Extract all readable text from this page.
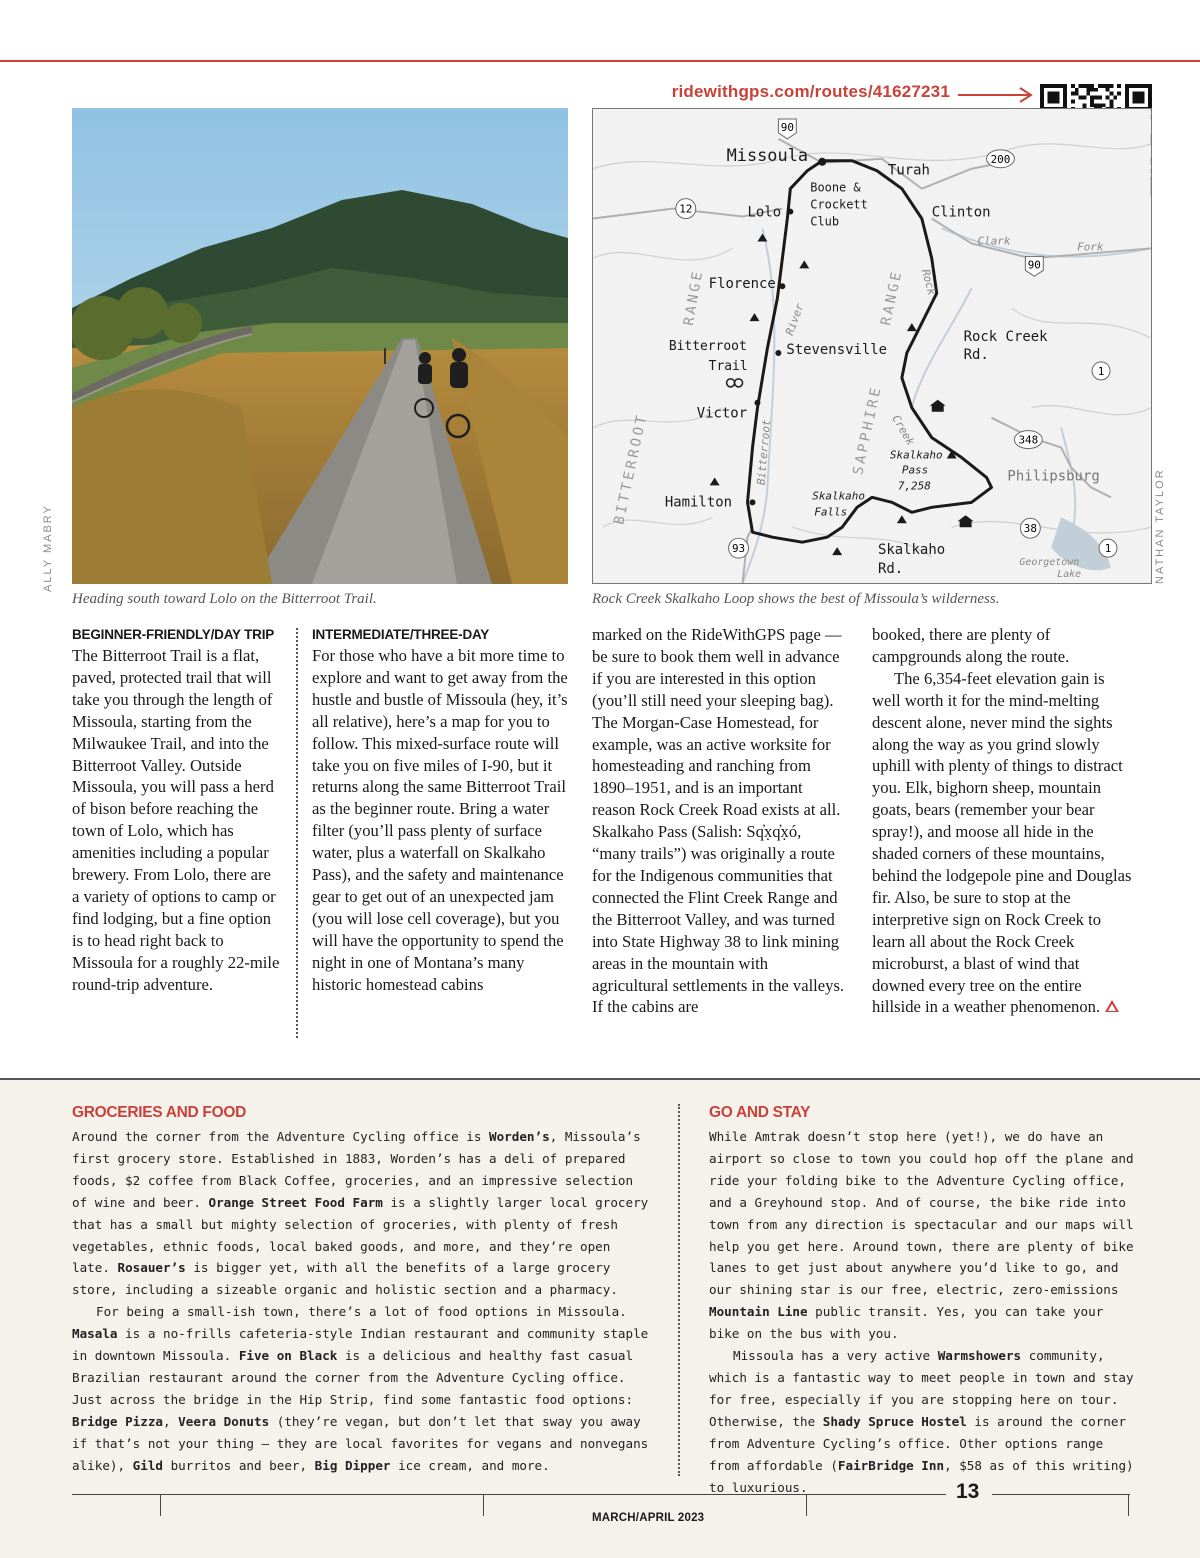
ridewithgps.com/routes/41627231
90
90
12
200
1
1
348
38
93
Missoula
Turah
Boone &
Crockett
Club
Lolo	Clinton
Florence
Bitterroot
Trail
Stevensville
Rock Creek
Rd.
Victor
Philipsburg
Hamilton
Skalkaho
Rd.
Skalkaho
Pass
7,258
Skalkaho
Falls
Clark	Fork
Georgetown
Lake
River
Bitterroot	Creek
Rock
RANGE
BITTERROOT	SAPPHIRE
RANGE
ALLY MABRY	NATHAN TAYLOR
Heading south toward Lolo on the Bitterroot Trail.	Rock Creek Skalkaho Loop shows the best of Missoula’s wilderness.
BEGINNER-FRIENDLY/DAY TRIP

The Bitterroot Trail is a flat, paved, protected trail that will take you through the length of Missoula, starting from the Milwaukee Trail, and into the Bitterroot Valley. Outside Missoula, you will pass a herd of bison before reaching the town of Lolo, which has amenities including a popular brewery. From Lolo, there are a variety of options to camp or find lodging, but a fine option is to head right back to Missoula for a roughly 22-mile round-trip adventure.

INTERMEDIATE/THREE-DAY

For those who have a bit more time to explore and want to get away from the hustle and bustle of Missoula (hey, it’s all relative), here’s a map for you to follow. This mixed-surface route will take you on five miles of I-90, but it returns along the same Bitterroot Trail as the beginner route. Bring a water filter (you’ll pass plenty of surface water, plus a waterfall on Skalkaho Pass), and the safety and maintenance gear to get out of an unexpected jam (you will lose cell coverage), but you will have the opportunity to spend the night in one of Montana’s many historic homestead cabins

marked on the RideWithGPS page — be sure to book them well in advance if you are interested in this option (you’ll still need your sleeping bag). The Morgan-Case Homestead, for example, was an active worksite for homesteading and ranching from 1890–1951, and is an important reason Rock Creek Road exists at all. Skalkaho Pass (Salish: Sq̓x̣q̓x̣ó, “many trails”) was originally a route for the Indigenous communities that connected the Flint Creek Range and the Bitterroot Valley, and was turned into State Highway 38 to link mining areas in the mountain with agricultural settlements in the valleys. If the cabins are

booked, there are plenty of campgrounds along the route.

The 6,354-feet elevation gain is well worth it for the mind-melting descent alone, never mind the sights along the way as you grind slowly uphill with plenty of things to distract you. Elk, bighorn sheep, mountain goats, bears (remember your bear spray!), and moose all hide in the shaded corners of these mountains, behind the lodgepole pine and Douglas fir. Also, be sure to stop at the interpretive sign on Rock Creek to learn all about the Rock Creek microburst, a blast of wind that downed every tree on the entire hillside in a weather phenomenon.

GROCERIES AND FOOD

Around the corner from the Adventure Cycling office is Worden’s, Missoula’s first grocery store. Established in 1883, Worden’s has a deli of prepared foods, $2 coffee from Black Coffee, groceries, and an impressive selection of wine and beer. Orange Street Food Farm is a slightly larger local grocery that has a small but mighty selection of groceries, with plenty of fresh vegetables, ethnic foods, local baked goods, and more, and they’re open late. Rosauer’s is bigger yet, with all the benefits of a large grocery store, including a sizeable organic and holistic section and a pharmacy.

For being a small-ish town, there’s a lot of food options in Missoula. Masala is a no-frills cafeteria-style Indian restaurant and community staple in downtown Missoula. Five on Black is a delicious and healthy fast casual Brazilian restaurant around the corner from the Adventure Cycling office. Just across the bridge in the Hip Strip, find some fantastic food options: Bridge Pizza, Veera Donuts (they’re vegan, but don’t let that sway you away if that’s not your thing — they are local favorites for vegans and nonvegans alike), Gild burritos and beer, Big Dipper ice cream, and more.

GO AND STAY

While Amtrak doesn’t stop here (yet!), we do have an airport so close to town you could hop off the plane and ride your folding bike to the Adventure Cycling office, and a Greyhound stop. And of course, the bike ride into town from any direction is spectacular and our maps will help you get here. Around town, there are plenty of bike lanes to get just about anywhere you’d like to go, and our shining star is our free, electric, zero-emissions Mountain Line public transit. Yes, you can take your bike on the bus with you.

Missoula has a very active Warmshowers community, which is a fantastic way to meet people in town and stay for free, especially if you are stopping here on tour. Otherwise, the Shady Spruce Hostel is around the corner from Adventure Cycling’s office. Other options range from affordable (FairBridge Inn, $58 as of this writing) to luxurious.	13
MARCH/APRIL 2023
